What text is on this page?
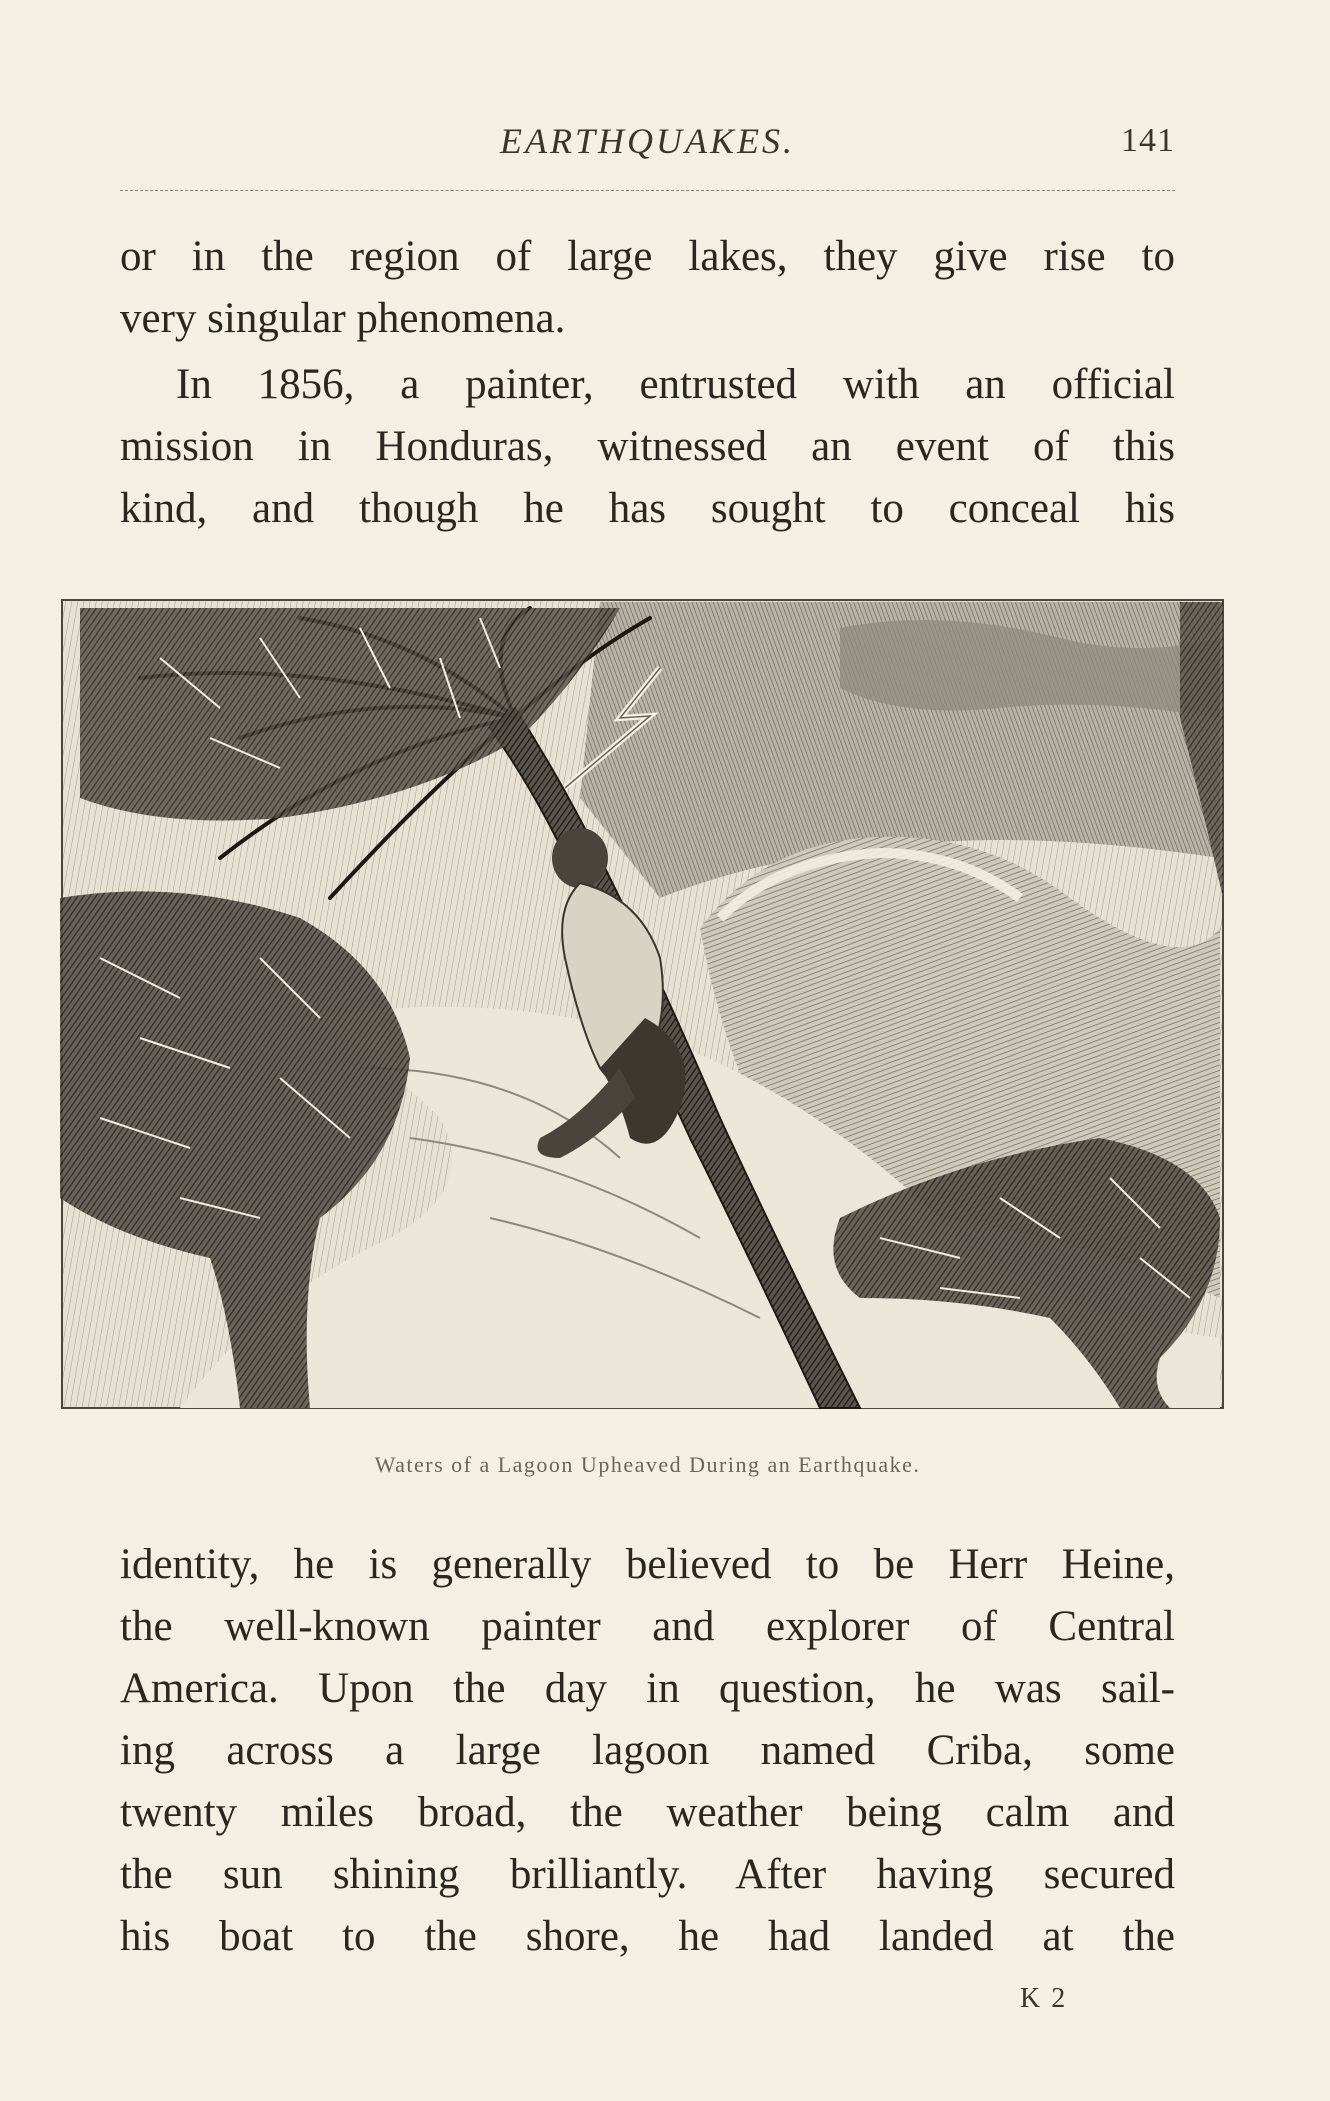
EARTHQUAKES.	141

or in the region of large lakes, they give rise to
very singular phenomena.

In 1856, a painter, entrusted with an official
mission in Honduras, witnessed an event of this
kind, and though he has sought to conceal his

Waters of a Lagoon Upheaved During an Earthquake.

identity, he is generally believed to be Herr Heine,
the well-known painter and explorer of Central
America. Upon the day in question, he was sail-
ing across a large lagoon named Criba, some
twenty miles broad, the weather being calm and
the sun shining brilliantly. After having secured
his boat to the shore, he had landed at the

K 2
